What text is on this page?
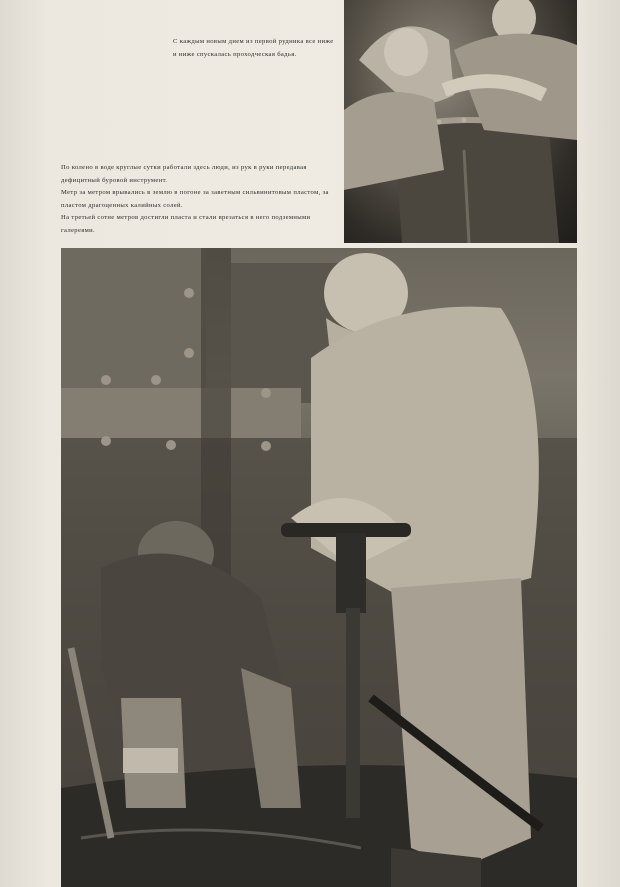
С каждым новым днем из первой рудника все ниже и ниже спускалась проходческая бадья.

По колено в воде круглые сутки работали здесь люди, из рук в руки передавая дефицитный буровой инструмент.

Метр за метром врывались в землю в погоне за заветным сильвинитовым пластом, за пластом драгоценных калийных солей.

На третьей сотне метров достигли пласта и стали врезаться в него подземными галереями.
